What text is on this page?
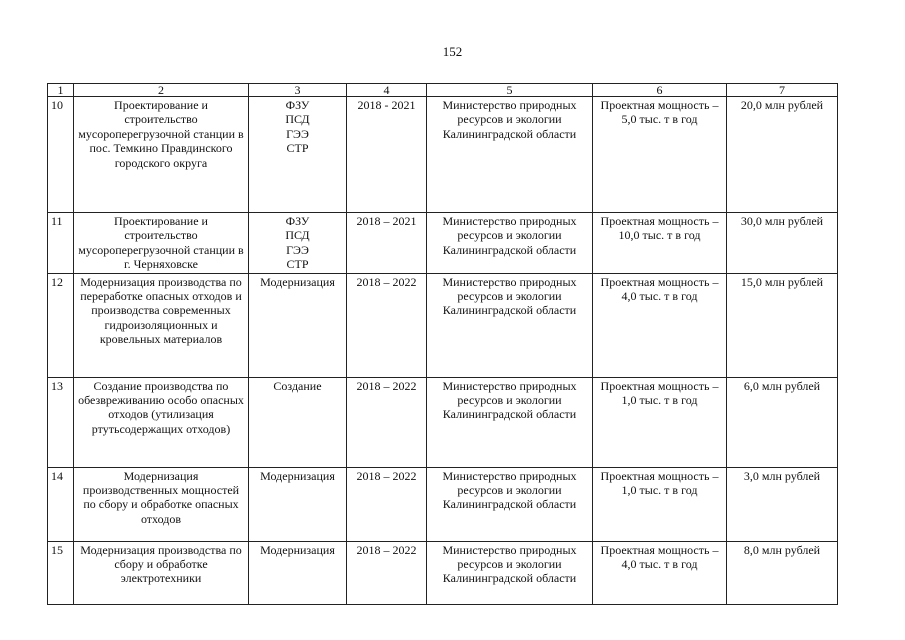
152
1	2	3	4	5	6	7
10	Проектирование и строительство мусороперегрузочной станции в пос. Темкино Правдинского городского округа	ФЗУ
ПСД
ГЭЭ
СТР	2018 - 2021	Министерство природных ресурсов и экологии Калининградской области	Проектная мощность – 5,0 тыс. т в год	20,0 млн рублей
11	Проектирование и строительство мусороперегрузочной станции в г. Черняховске	ФЗУ
ПСД
ГЭЭ
СТР	2018 – 2021	Министерство природных ресурсов и экологии Калининградской области	Проектная мощность – 10,0 тыс. т в год	30,0 млн рублей
12	Модернизация производства по переработке опасных отходов и производства современных гидроизоляционных и кровельных материалов	Модернизация	2018 – 2022	Министерство природных ресурсов и экологии Калининградской области	Проектная мощность – 4,0 тыс. т в год	15,0 млн рублей
13	Создание производства по обезвреживанию особо опасных отходов (утилизация ртутьсодержащих отходов)	Создание	2018 – 2022	Министерство природных ресурсов и экологии Калининградской области	Проектная мощность – 1,0 тыс. т в год	6,0 млн рублей
14	Модернизация производственных мощностей по сбору и обработке опасных отходов	Модернизация	2018 – 2022	Министерство природных ресурсов и экологии Калининградской области	Проектная мощность – 1,0 тыс. т в год	3,0 млн рублей
15	Модернизация производства по сбору и обработке электротехники	Модернизация	2018 – 2022	Министерство природных ресурсов и экологии Калининградской области	Проектная мощность – 4,0 тыс. т в год	8,0 млн рублей
